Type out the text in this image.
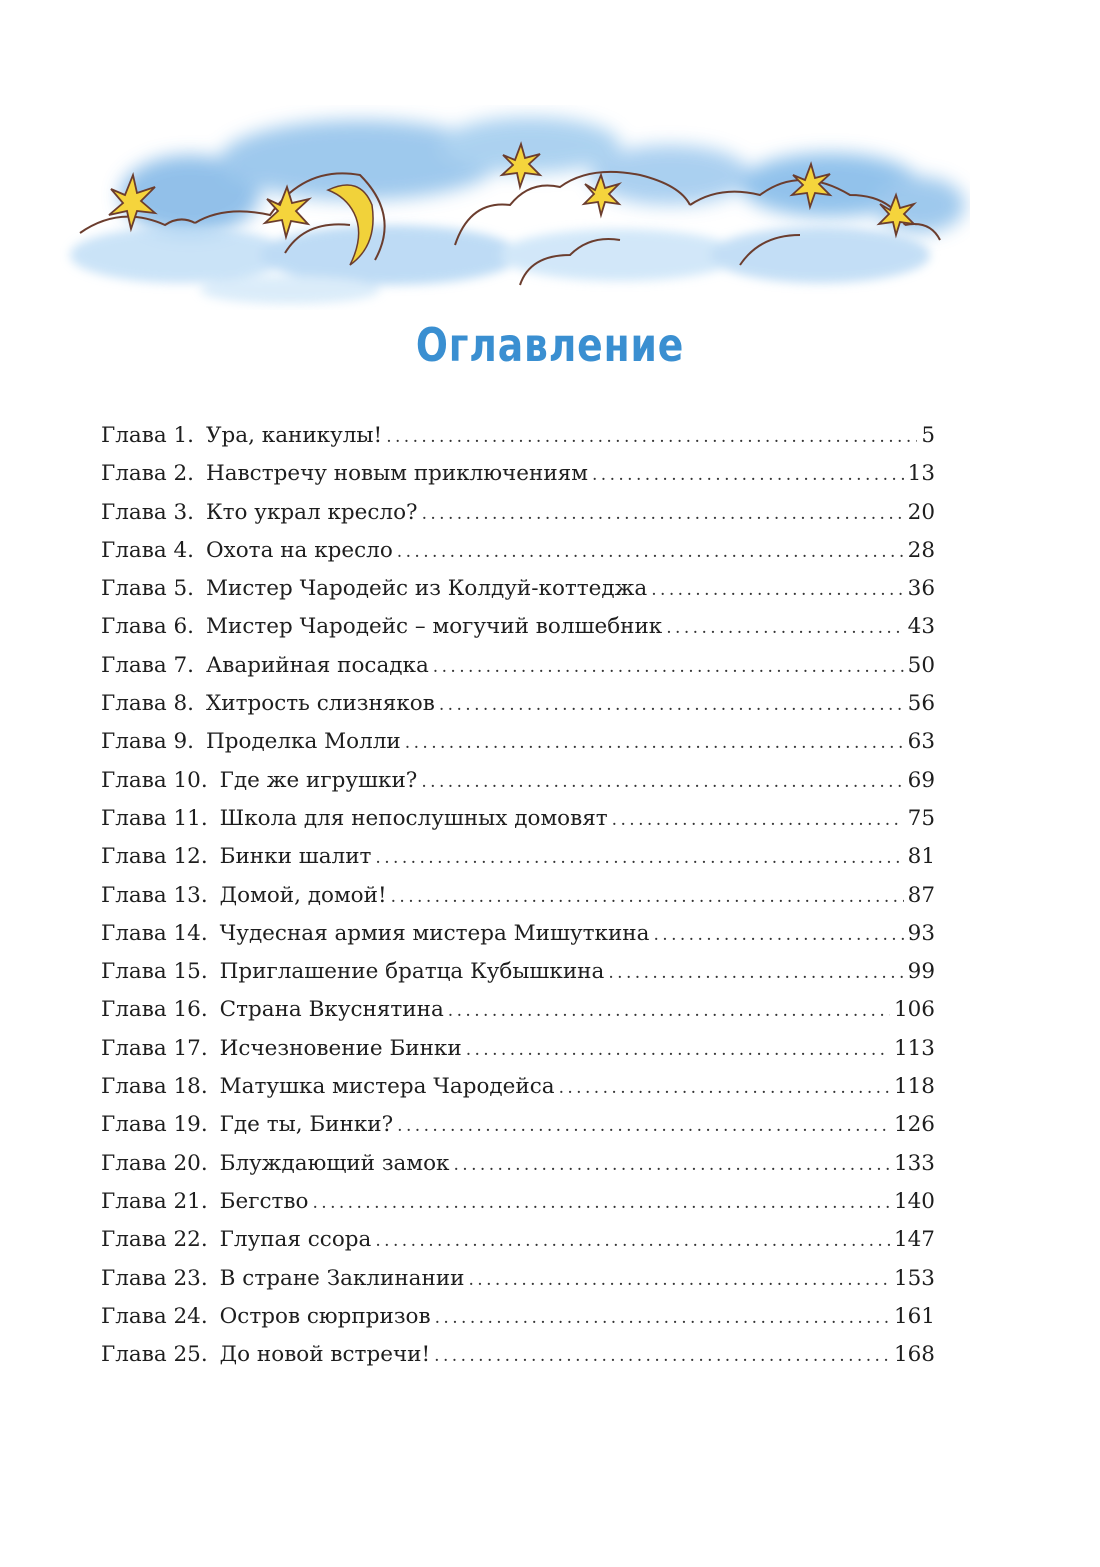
Оглавление
Глава 1. Ура, каникулы! . . .	5
Глава 2. Навстречу новым приключениям . . .	13
Глава 3. Кто украл кресло? . . .	20
Глава 4. Охота на кресло . . .	28
Глава 5. Мистер Чародейс из Колдуй-коттеджа . . .	36
Глава 6. Мистер Чародейс – могучий волшебник . . .	43
Глава 7. Аварийная посадка . . .	50
Глава 8. Хитрость слизняков . . .	56
Глава 9. Проделка Молли . . .	63
Глава 10. Где же игрушки? . . .	69
Глава 11. Школа для непослушных домовят . . .	75
Глава 12. Бинки шалит . . .	81
Глава 13. Домой, домой! . . .	87
Глава 14. Чудесная армия мистера Мишуткина . . .	93
Глава 15. Приглашение братца Кубышкина . . .	99
Глава 16. Страна Вкуснятина . . .	106
Глава 17. Исчезновение Бинки . . .	113
Глава 18. Матушка мистера Чародейса . . .	118
Глава 19. Где ты, Бинки? . . .	126
Глава 20. Блуждающий замок . . .	133
Глава 21. Бегство . . .	140
Глава 22. Глупая ссора . . .	147
Глава 23. В стране Заклинании . . .	153
Глава 24. Остров сюрпризов . . .	161
Глава 25. До новой встречи! . . .	168
